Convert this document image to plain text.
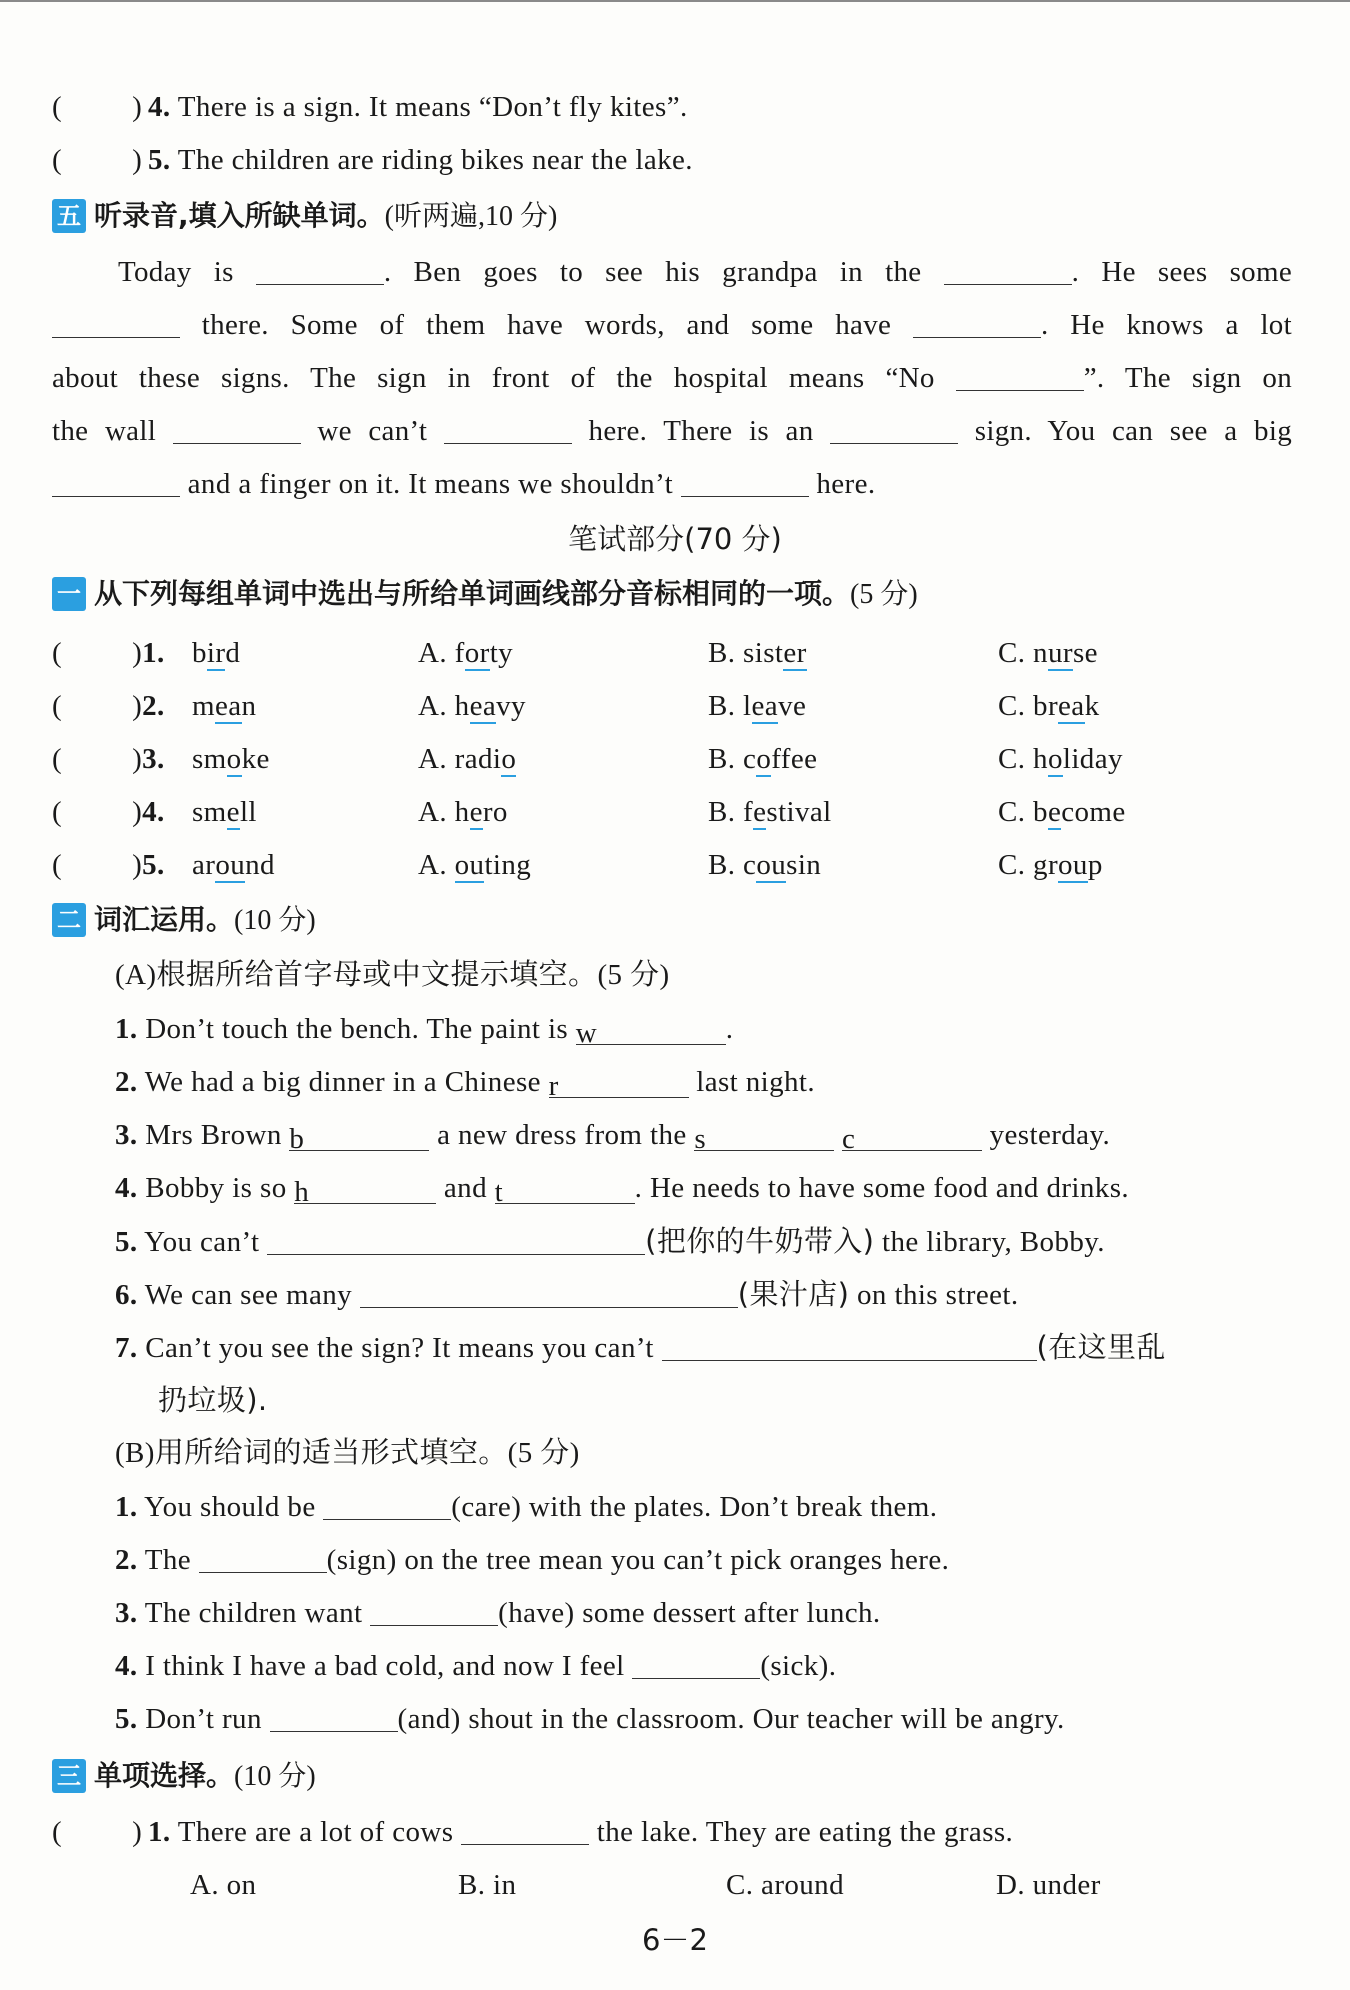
( ) 4. There is a sign. It means “Don’t fly kites”.
( ) 5. The children are riding bikes near the lake.
五 听录音,填入所缺单词。(听两遍,10 分)
Today is	. Ben goes to see his grandpa in the	. He sees some
there. Some of them have words, and some have	. He knows a lot
about these signs. The sign in front of the hospital means “No	”. The sign on
the wall	we can’t	here. There is an	sign. You can see a big
and a finger on it. It means we shouldn’t	here.
笔试部分(70 分)
一 从下列每组单词中选出与所给单词画线部分音标相同的一项。(5 分)
( )1. bird	A. forty	B. sister	C. nurse
( )2. mean	A. heavy	B. leave	C. break
( )3. smoke	A. radio	B. coffee	C. holiday
( )4. smell	A. hero	B. festival	C. become
( )5. around	A. outing	B. cousin	C. group
二 词汇运用。(10 分)
(A)根据所给首字母或中文提示填空。(5 分)
1. Don’t touch the bench. The paint is w	.
2. We had a big dinner in a Chinese r	last night.
3. Mrs Brown b	a new dress from the s	c	yesterday.
4. Bobby is so h	and t	. He needs to have some food and drinks.
5. You can’t	(把你的牛奶带入) the library, Bobby.
6. We can see many	(果汁店) on this street.
7. Can’t you see the sign? It means you can’t	(在这里乱
扔垃圾).
(B)用所给词的适当形式填空。(5 分)
1. You should be	(care) with the plates. Don’t break them.
2. The	(sign) on the tree mean you can’t pick oranges here.
3. The children want	(have) some dessert after lunch.
4. I think I have a bad cold, and now I feel	(sick).
5. Don’t run	(and) shout in the classroom. Our teacher will be angry.
三 单项选择。(10 分)
( ) 1. There are a lot of cows	the lake. They are eating the grass.
A. on	B. in	C. around	D. under
6－2
